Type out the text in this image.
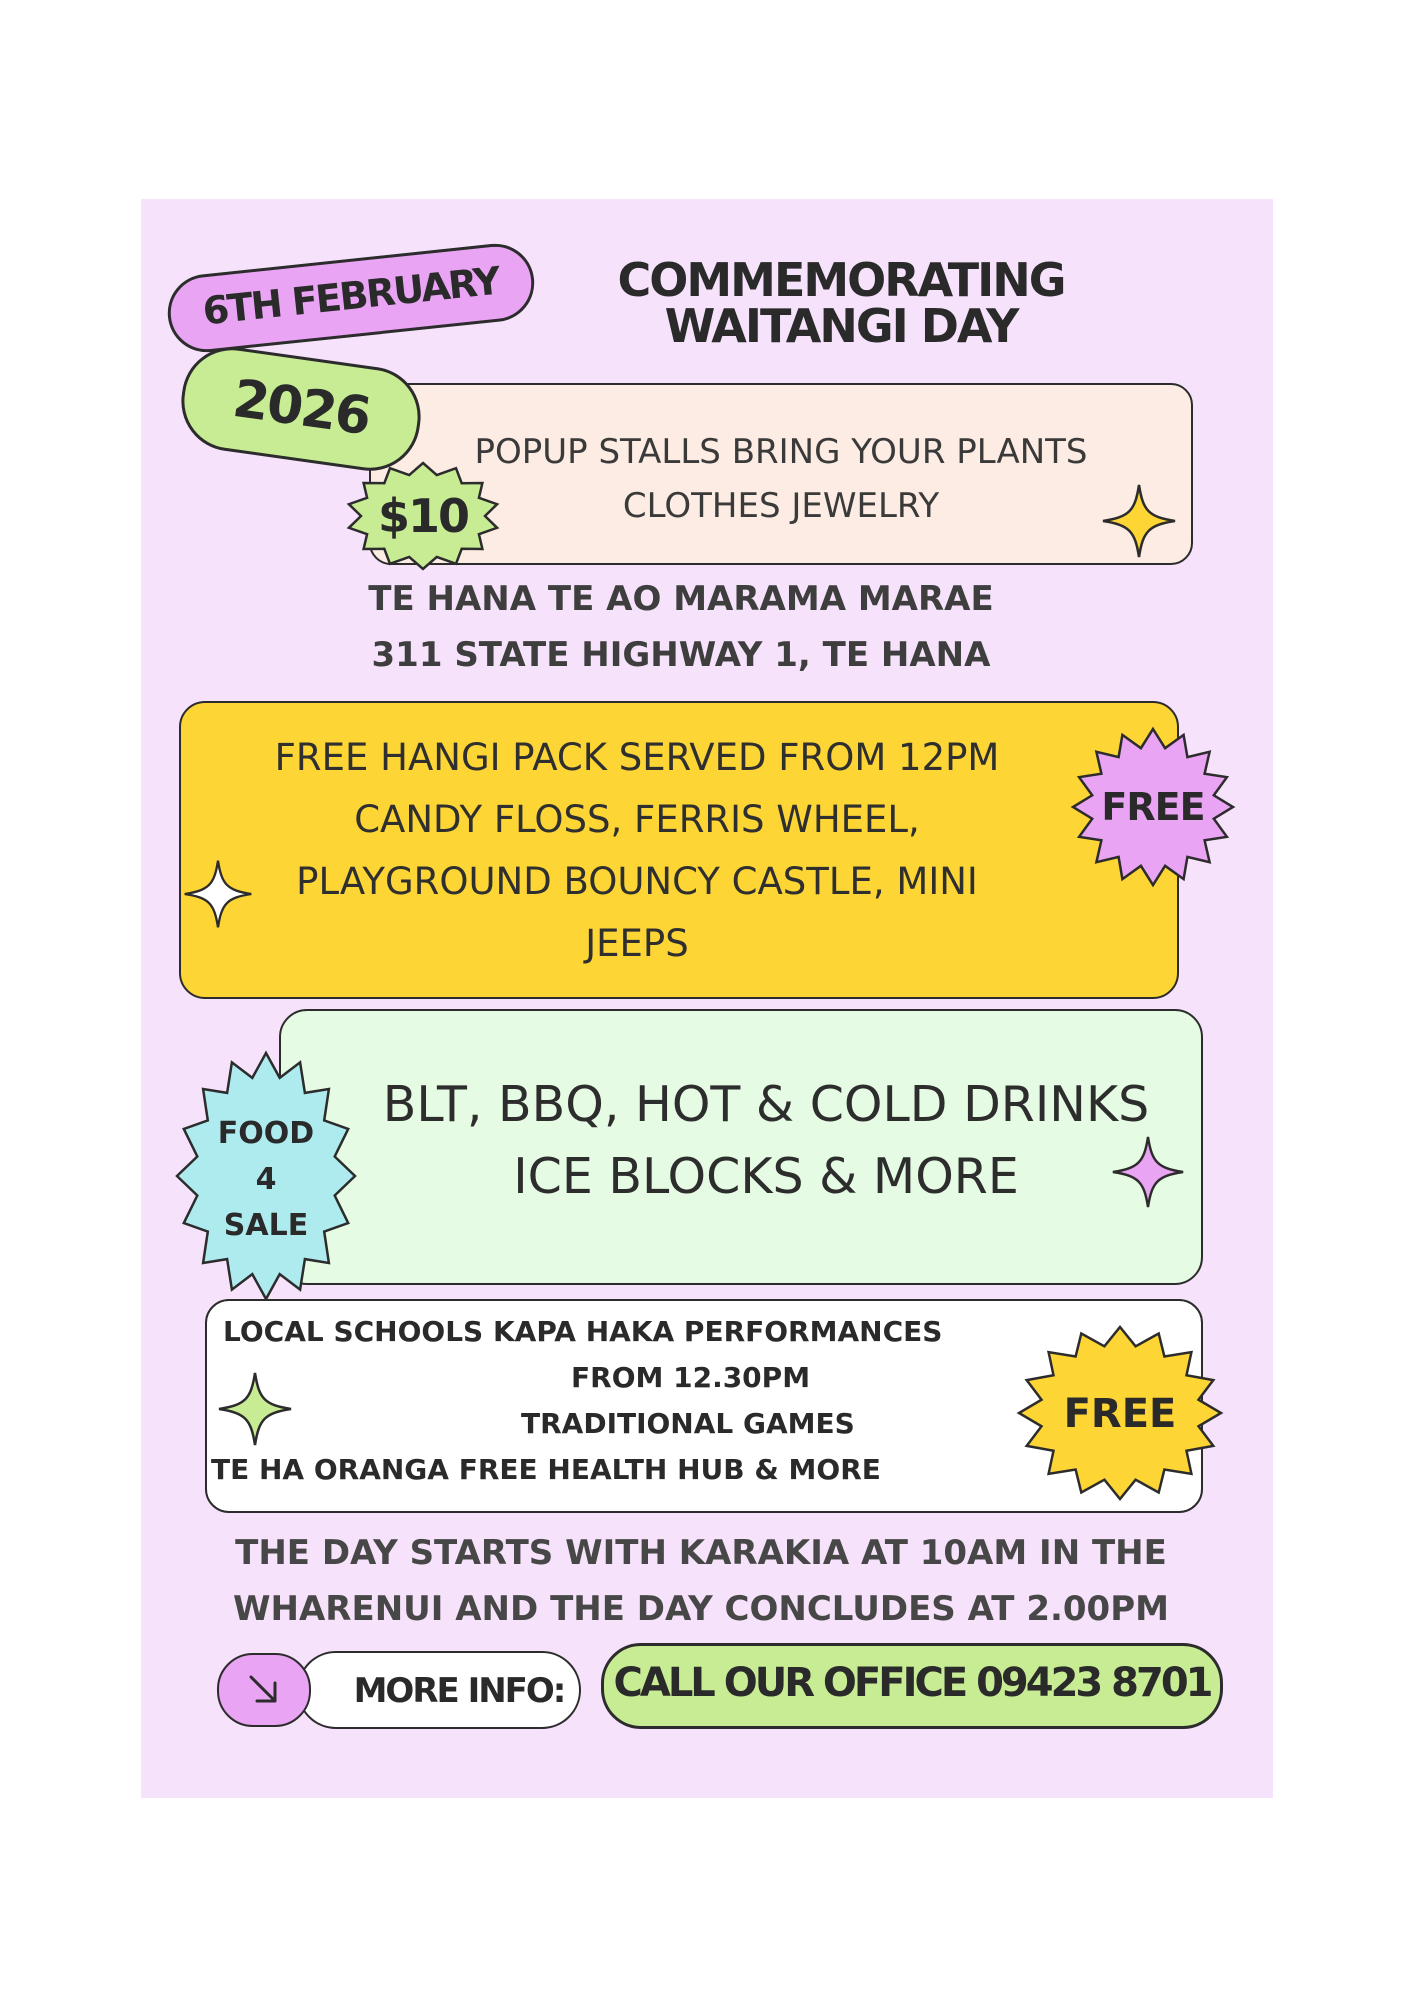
6TH FEBRUARY	COMMEMORATING
WAITANGI DAY
POPUP STALLS BRING YOUR PLANTS
CLOTHES JEWELRY
2026
$10
TE HANA TE AO MARAMA MARAE
311 STATE HIGHWAY 1, TE HANA
FREE HANGI PACK SERVED FROM 12PM
CANDY FLOSS, FERRIS WHEEL,
PLAYGROUND BOUNCY CASTLE, MINI
JEEPS
FREE
BLT, BBQ, HOT & COLD DRINKS
ICE BLOCKS & MORE
FOOD
4
SALE
LOCAL SCHOOLS KAPA HAKA PERFORMANCES
FROM 12.30PM
TRADITIONAL GAMES
TE HA ORANGA FREE HEALTH HUB & MORE
FREE
THE DAY STARTS WITH KARAKIA AT 10AM IN THE
WHARENUI AND THE DAY CONCLUDES AT 2.00PM
MORE INFO:	CALL OUR OFFICE 09423 8701
